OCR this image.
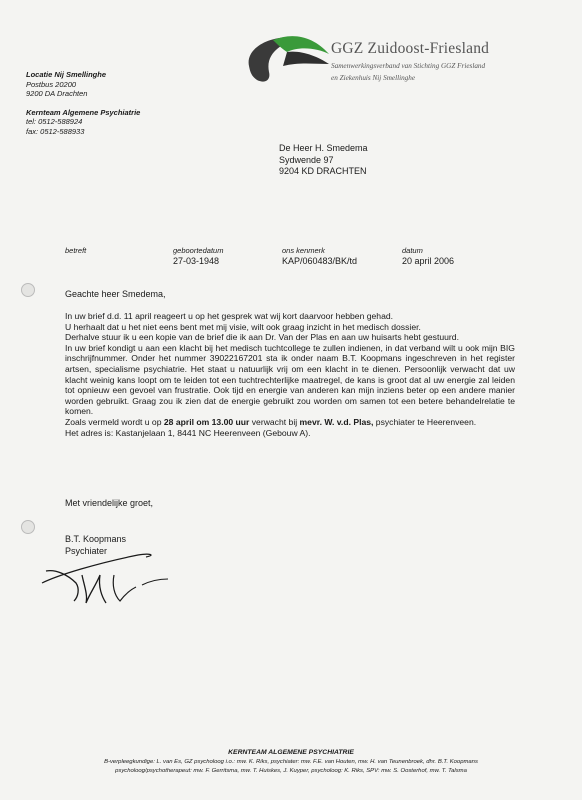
GGZ Zuidoost-Friesland
Samenwerkingsverband van Stichting GGZ Friesland
en Ziekenhuis Nij Smellinghe
Locatie Nij Smellinghe
Postbus 20200
9200 DA Drachten
Kernteam Algemene Psychiatrie
tel: 0512-588924
fax: 0512-588933
De Heer H. Smedema
Sydwende 97
9204 KD DRACHTEN
betreft	geboortedatum
27-03-1948
ons kenmerk
KAP/060483/BK/td
datum
20 april 2006
Geachte heer Smedema,

In uw brief d.d. 11 april reageert u op het gesprek wat wij kort daarvoor hebben gehad.

U herhaalt dat u het niet eens bent met mij visie, wilt ook graag inzicht in het medisch dossier.

Derhalve stuur ik u een kopie van de brief die ik aan Dr. Van der Plas en aan uw huisarts hebt gestuurd.

In uw brief kondigt u aan een klacht bij het medisch tuchtcollege te zullen indienen, in dat verband wilt u ook mijn BIG inschrijfnummer. Onder het nummer 39022167201 sta ik onder naam B.T. Koopmans ingeschreven in het register artsen, specialisme psychiatrie. Het staat u natuurlijk vrij om een klacht in te dienen. Persoonlijk verwacht dat uw klacht weinig kans loopt om te leiden tot een tuchtrechterlijke maatregel, de kans is groot dat al uw energie zal leiden tot opnieuw een gevoel van frustratie. Ook tijd en energie van anderen kan mijn inziens beter op een andere manier worden gebruikt. Graag zou ik zien dat de energie gebruikt zou worden om samen tot een betere behandelrelatie te komen.

Zoals vermeld wordt u op 28 april om 13.00 uur verwacht bij mevr. W. v.d. Plas, psychiater te Heerenveen.

Het adres is: Kastanjelaan 1, 8441 NC Heerenveen (Gebouw A).

Met vriendelijke groet,
B.T. Koopmans
Psychiater
KERNTEAM ALGEMENE PSYCHIATRIE
B-verpleegkundige: L. van Es, GZ psycholoog i.o.: mw. K. Riks, psychiater: mw. F.E. van Houten, mw. H. van Teunenbroek, dhr. B.T. Koopmans
psycholoog/psychotherapeut: mw. F. Gerritsma, mw. T. Huiskes, J. Kuyper, psycholoog: K. Riks, SPV: mw. S. Oosterhof, mw. T. Talsma
